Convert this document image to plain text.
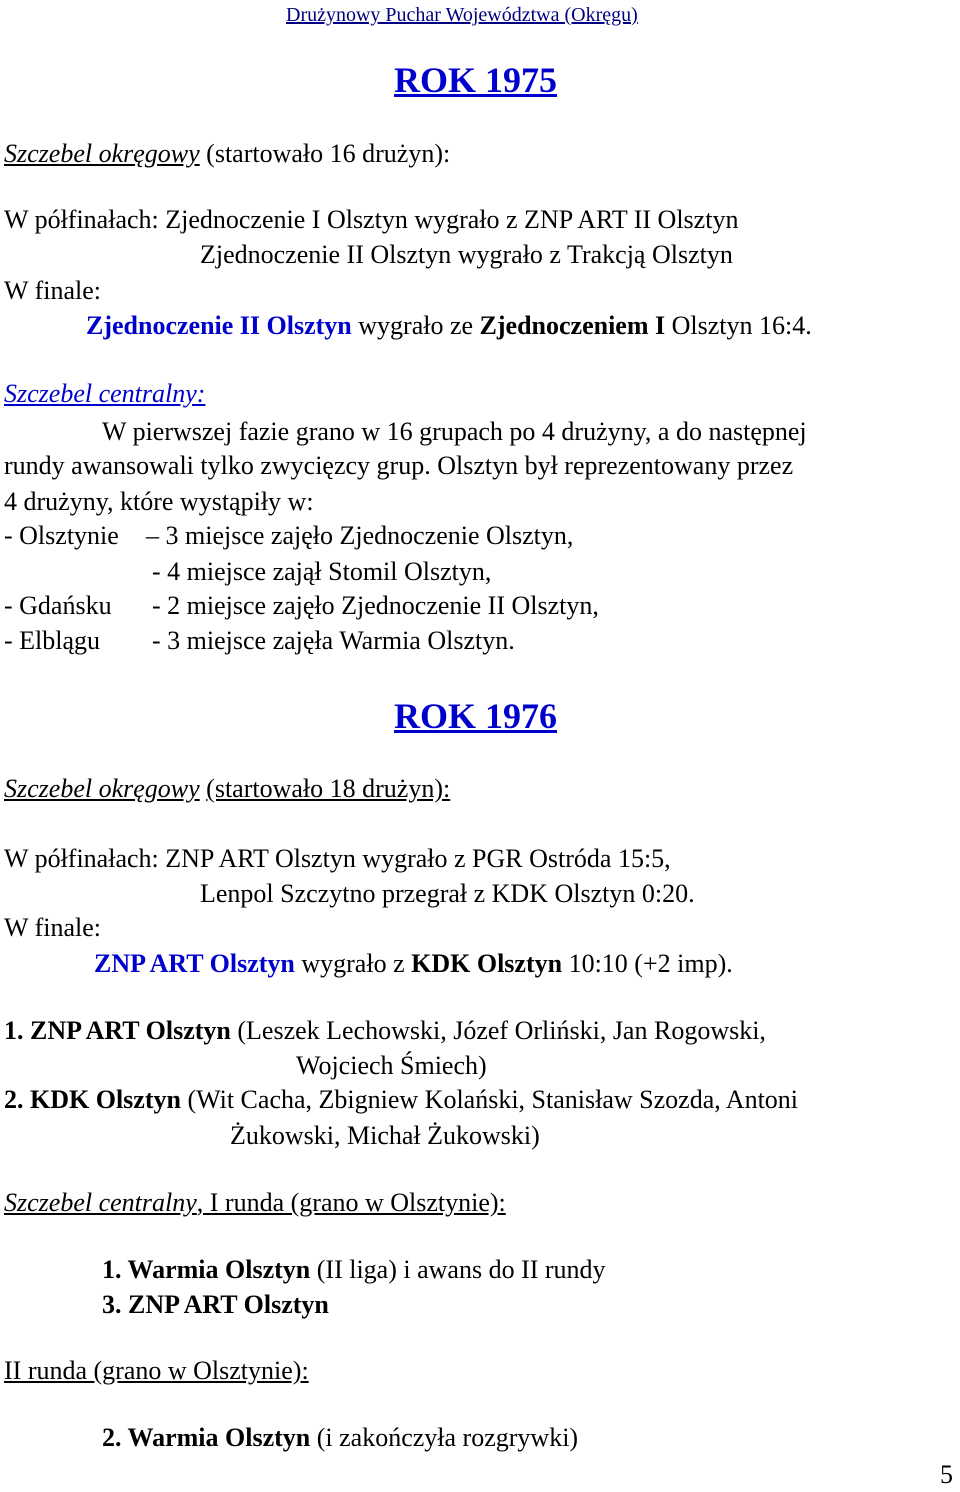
Drużynowy Puchar Województwa (Okręgu)
ROK 1975
Szczebel okręgowy (startowało 16 drużyn):
W półfinałach: Zjednoczenie I Olsztyn wygrało z ZNP ART II Olsztyn
Zjednoczenie II Olsztyn wygrało z Trakcją Olsztyn
W finale:
Zjednoczenie II Olsztyn wygrało ze Zjednoczeniem I Olsztyn 16:4.
Szczebel centralny:
W pierwszej fazie grano w 16 grupach po 4 drużyny, a do następnej
rundy awansowali tylko zwycięzcy grup. Olsztyn był reprezentowany przez
4 drużyny, które wystąpiły w:
- Olsztynie – 3 miejsce zajęło Zjednoczenie Olsztyn,
- 4 miejsce zajął Stomil Olsztyn,
- Gdańsku - 2 miejsce zajęło Zjednoczenie II Olsztyn,
- Elblągu - 3 miejsce zajęła Warmia Olsztyn.
ROK 1976
Szczebel okręgowy (startowało 18 drużyn):
W półfinałach: ZNP ART Olsztyn wygrało z PGR Ostróda 15:5,
Lenpol Szczytno przegrał z KDK Olsztyn 0:20.
W finale:
ZNP ART Olsztyn wygrało z KDK Olsztyn 10:10 (+2 imp).
1. ZNP ART Olsztyn (Leszek Lechowski, Józef Orliński, Jan Rogowski,
Wojciech Śmiech)
2. KDK Olsztyn (Wit Cacha, Zbigniew Kolański, Stanisław Szozda, Antoni
Żukowski, Michał Żukowski)
Szczebel centralny, I runda (grano w Olsztynie):
1. Warmia Olsztyn (II liga) i awans do II rundy
3. ZNP ART Olsztyn
II runda (grano w Olsztynie):
2. Warmia Olsztyn (i zakończyła rozgrywki)
5
